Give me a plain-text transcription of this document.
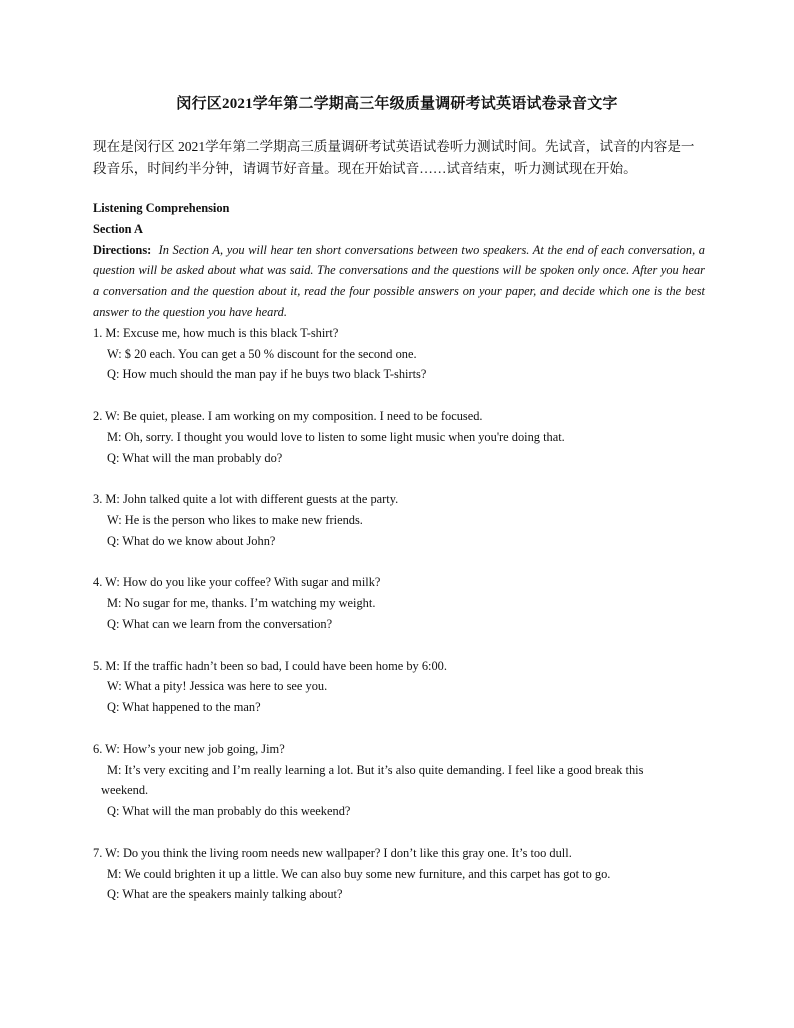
闵行区2021学年第二学期高三年级质量调研考试英语试卷录音文字
现在是闵行区 2021学年第二学期高三质量调研考试英语试卷听力测试时间。先试音，试音的内容是一段音乐，时间约半分钟，请调节好音量。现在开始试音……试音结束，听力测试现在开始。
Listening Comprehension
Section A
Directions: In Section A, you will hear ten short conversations between two speakers. At the end of each conversation, a question will be asked about what was said. The conversations and the questions will be spoken only once. After you hear a conversation and the question about it, read the four possible answers on your paper, and decide which one is the best answer to the question you have heard.
1. M: Excuse me, how much is this black T-shirt?
W: $ 20 each. You can get a 50 % discount for the second one.
Q: How much should the man pay if he buys two black T-shirts?
2. W: Be quiet, please. I am working on my composition. I need to be focused.
M: Oh, sorry. I thought you would love to listen to some light music when you're doing that.
Q: What will the man probably do?
3. M: John talked quite a lot with different guests at the party.
W: He is the person who likes to make new friends.
Q: What do we know about John?
4. W: How do you like your coffee? With sugar and milk?
M: No sugar for me, thanks. I’m watching my weight.
Q: What can we learn from the conversation?
5. M: If the traffic hadn’t been so bad, I could have been home by 6:00.
W: What a pity! Jessica was here to see you.
Q: What happened to the man?
6. W: How’s your new job going, Jim?
M: It’s very exciting and I’m really learning a lot. But it’s also quite demanding. I feel like a good break this
weekend.
Q: What will the man probably do this weekend?
7. W: Do you think the living room needs new wallpaper? I don’t like this gray one. It’s too dull.
M: We could brighten it up a little. We can also buy some new furniture, and this carpet has got to go.
Q: What are the speakers mainly talking about?
